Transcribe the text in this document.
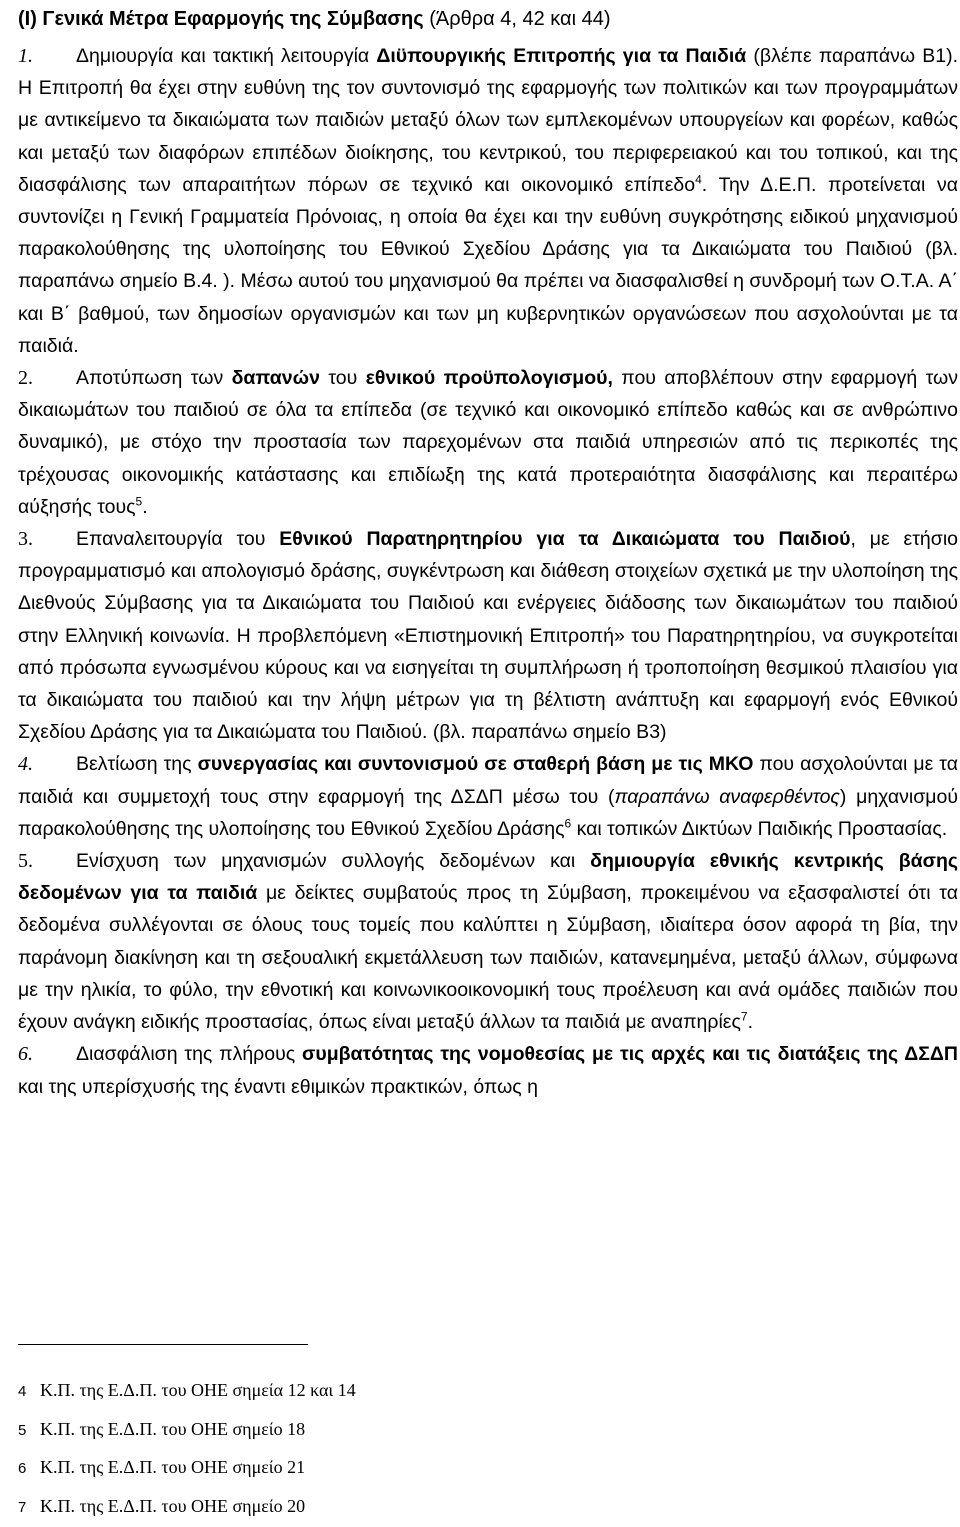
(I) Γενικά Μέτρα Εφαρμογής της Σύμβασης (Άρθρα 4, 42 και 44)

1. Δημιουργία και τακτική λειτουργία Διϋπουργικής Επιτροπής για τα Παιδιά (βλέπε παραπάνω Β1). Η Επιτροπή θα έχει στην ευθύνη της τον συντονισμό της εφαρμογής των πολιτικών και των προγραμμάτων με αντικείμενο τα δικαιώματα των παιδιών μεταξύ όλων των εμπλεκομένων υπουργείων και φορέων, καθώς και μεταξύ των διαφόρων επιπέδων διοίκησης, του κεντρικού, του περιφερειακού και του τοπικού, και της διασφάλισης των απαραιτήτων πόρων σε τεχνικό και οικονομικό επίπεδο$^4$. Την Δ.Ε.Π. προτείνεται να συντονίζει η Γενική Γραμματεία Πρόνοιας, η οποία θα έχει και την ευθύνη συγκρότησης ειδικού μηχανισμού παρακολούθησης της υλοποίησης του Εθνικού Σχεδίου Δράσης για τα Δικαιώματα του Παιδιού (βλ. παραπάνω σημείο Β.4. ). Μέσω αυτού του μηχανισμού θα πρέπει να διασφαλισθεί η συνδρομή των Ο.Τ.Α. Α΄ και Β΄ βαθμού, των δημοσίων οργανισμών και των μη κυβερνητικών οργανώσεων που ασχολούνται με τα παιδιά.

2. Αποτύπωση των δαπανών του εθνικού προϋπολογισμού, που αποβλέπουν στην εφαρμογή των δικαιωμάτων του παιδιού σε όλα τα επίπεδα (σε τεχνικό και οικονομικό επίπεδο καθώς και σε ανθρώπινο δυναμικό), με στόχο την προστασία των παρεχομένων στα παιδιά υπηρεσιών από τις περικοπές της τρέχουσας οικονομικής κατάστασης και επιδίωξη της κατά προτεραιότητα διασφάλισης και περαιτέρω αύξησής τους$^5$.

3. Επαναλειτουργία του Εθνικού Παρατηρητηρίου για τα Δικαιώματα του Παιδιού, με ετήσιο προγραμματισμό και απολογισμό δράσης, συγκέντρωση και διάθεση στοιχείων σχετικά με την υλοποίηση της Διεθνούς Σύμβασης για τα Δικαιώματα του Παιδιού και ενέργειες διάδοσης των δικαιωμάτων του παιδιού στην Ελληνική κοινωνία. Η προβλεπόμενη «Επιστημονική Επιτροπή» του Παρατηρητηρίου, να συγκροτείται από πρόσωπα εγνωσμένου κύρους και να εισηγείται τη συμπλήρωση ή τροποποίηση θεσμικού πλαισίου για τα δικαιώματα του παιδιού και την λήψη μέτρων για τη βέλτιστη ανάπτυξη και εφαρμογή ενός Εθνικού Σχεδίου Δράσης για τα Δικαιώματα του Παιδιού. (βλ. παραπάνω σημείο Β3)

4. Βελτίωση της συνεργασίας και συντονισμού σε σταθερή βάση με τις ΜΚΟ που ασχολούνται με τα παιδιά και συμμετοχή τους στην εφαρμογή της ΔΣΔΠ μέσω του (παραπάνω αναφερθέντος) μηχανισμού παρακολούθησης της υλοποίησης του Εθνικού Σχεδίου Δράσης$^6$ και τοπικών Δικτύων Παιδικής Προστασίας.

5. Ενίσχυση των μηχανισμών συλλογής δεδομένων και δημιουργία εθνικής κεντρικής βάσης δεδομένων για τα παιδιά με δείκτες συμβατούς προς τη Σύμβαση, προκειμένου να εξασφαλιστεί ότι τα δεδομένα συλλέγονται σε όλους τους τομείς που καλύπτει η Σύμβαση, ιδιαίτερα όσον αφορά τη βία, την παράνομη διακίνηση και τη σεξουαλική εκμετάλλευση των παιδιών, κατανεμημένα, μεταξύ άλλων, σύμφωνα με την ηλικία, το φύλο, την εθνοτική και κοινωνικοοικονομική τους προέλευση και ανά ομάδες παιδιών που έχουν ανάγκη ειδικής προστασίας, όπως είναι μεταξύ άλλων τα παιδιά με αναπηρίες$^7$.

6. Διασφάλιση της πλήρους συμβατότητας της νομοθεσίας με τις αρχές και τις διατάξεις της ΔΣΔΠ και της υπερίσχυσής της έναντι εθιμικών πρακτικών, όπως η

4 Κ.Π. της Ε.Δ.Π. του ΟΗΕ σημεία 12 και 14

5 Κ.Π. της Ε.Δ.Π. του ΟΗΕ σημείο 18

6 Κ.Π. της Ε.Δ.Π. του ΟΗΕ σημείο 21

7 Κ.Π. της Ε.Δ.Π. του ΟΗΕ σημείο 20
